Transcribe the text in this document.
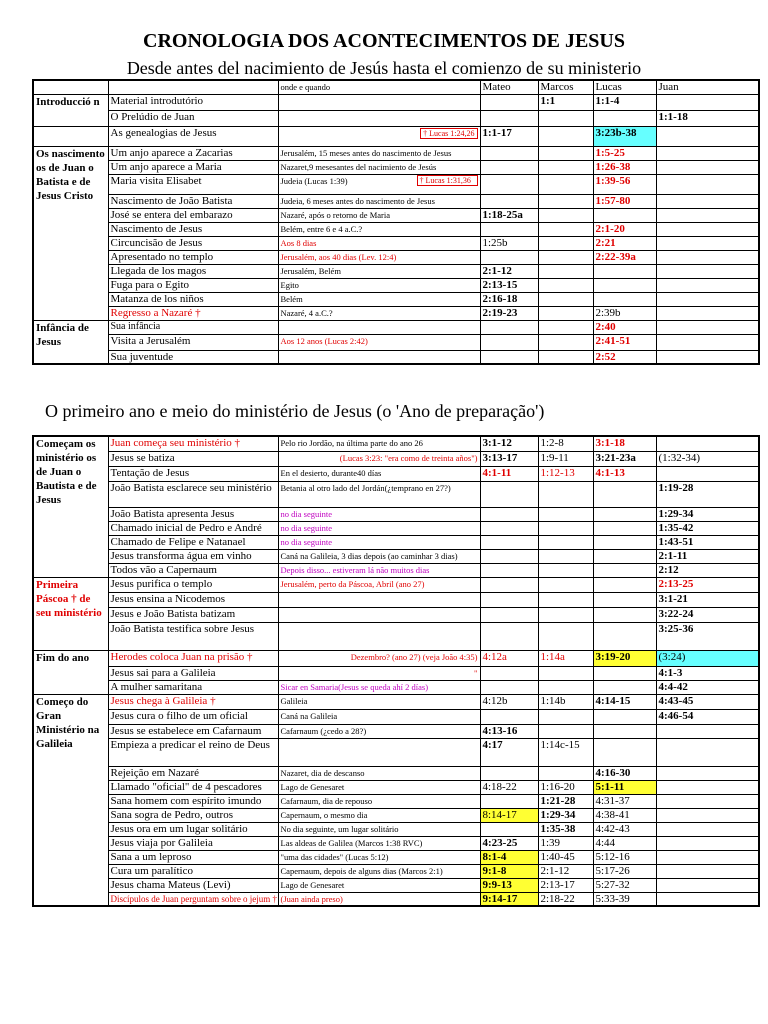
CRONOLOGIA DOS ACONTECIMENTOS DE JESUS
Desde antes del nacimiento de Jesús hasta el comienzo de su ministerio
		onde e quando	Mateo	Marcos	Lucas	Juan
Introducció n	Material introdutório			1:1	1:1-4	
	O Prelúdio de Juan					1:1-18
	As genealogias de Jesus	† Lucas 1:24,26	1:1-17		3:23b-38	
Os nascimento os de Juan o Batista e de Jesus Cristo	Um anjo aparece a Zacarias	Jerusalém, 15 meses antes do nascimento de Jesus			1:5-25	
	Um anjo aparece a Maria	Nazaret,9 mesesantes del nacimiento de Jesús			1:26-38	
	Maria visita Elisabet	Judeia (Lucas 1:39) † Lucas 1:31,36			1:39-56	
	Nascimento de João Batista	Judeia, 6 meses antes do nascimento de Jesus			1:57-80	
	José se entera del embarazo	Nazaré, após o retorno de Maria	1:18-25a			
	Nascimento de Jesus	Belém, entre 6 e 4 a.C.?			2:1-20	
	Circuncisão de Jesus	Aos 8 dias	1:25b		2:21	
	Apresentado no templo	Jerusalém, aos 40 dias (Lev. 12:4)			2:22-39a	
	Llegada de los magos	Jerusalém, Belém	2:1-12			
	Fuga para o Egito	Egito	2:13-15			
	Matanza de los niños	Belém	2:16-18			
	Regresso a Nazaré †	Nazaré, 4 a.C.?	2:19-23		2:39b	
Infância de Jesus	Sua infância				2:40	
	Visita a Jerusalém	Aos 12 anos (Lucas 2:42)			2:41-51	
	Sua juventude				2:52	
O primeiro ano e meio do ministério de Jesus (o 'Ano de preparação')
Começam os ministério os de Juan o Bautista e de Jesus	Juan começa seu ministério †	Pelo rio Jordão, na última parte do ano 26	3:1-12	1:2-8	3:1-18	
	Jesus se batiza	(Lucas 3:23: "era como de treinta años")	3:13-17	1:9-11	3:21-23a	(1:32-34)
	Tentação de Jesus	En el desierto, durante40 días	4:1-11	1:12-13	4:1-13	
	João Batista esclarece seu ministério	Betania al otro lado del Jordán(¿temprano en 27?)				1:19-28
	João Batista apresenta Jesus	no dia seguinte				1:29-34
	Chamado inicial de Pedro e André	no dia seguinte				1:35-42
	Chamado de Felipe e Natanael	no dia seguinte				1:43-51
	Jesus transforma água em vinho	Caná na Galileia, 3 dias depois (ao caminhar 3 dias)				2:1-11
	Todos vão a Capernaum	Depois disso... estiveram lá não muitos dias				2:12
Primeira Páscoa † de seu ministério	Jesus purifica o templo	Jerusalém, perto da Páscoa, Abril (ano 27)				2:13-25
	Jesus ensina a Nicodemos					3:1-21
	Jesus e João Batista batizam					3:22-24
	João Batista testifica sobre Jesus					3:25-36
Fim do ano	Herodes coloca Juan na prisão †	Dezembro? (ano 27) (veja João 4:35)	4:12a	1:14a	3:19-20	(3:24)
	Jesus sai para a Galileia	"				4:1-3
	A mulher samaritana	Sicar en Samaria(Jesus se queda ahí 2 días)				4:4-42
Começo do Gran Ministério na Galileia	Jesus chega à Galileia †	Galileia	4:12b	1:14b	4:14-15	4:43-45
	Jesus cura o filho de um oficial	Caná na Galileia				4:46-54
	Jesus se estabelece em Cafarnaum	Cafarnaum (¿cedo a 28?)	4:13-16			
	Empieza a predicar el reino de Deus		4:17	1:14c-15		
	Rejeição em Nazaré	Nazaret, dia de descanso			4:16-30	
	Llamado "oficial" de 4 pescadores	Lago de Genesaret	4:18-22	1:16-20	5:1-11	
	Sana homem com espírito imundo	Cafarnaum, dia de repouso		1:21-28	4:31-37	
	Sana sogra de Pedro, outros	Capernaum, o mesmo dia	8:14-17	1:29-34	4:38-41	
	Jesus ora em um lugar solitário	No dia seguinte, um lugar solitário		1:35-38	4:42-43	
	Jesus viaja por Galileia	Las aldeas de Galilea (Marcos 1:38 RVC)	4:23-25	1:39	4:44	
	Sana a um leproso	"uma das cidades" (Lucas 5:12)	8:1-4	1:40-45	5:12-16	
	Cura um paralítico	Capernaum, depois de alguns dias (Marcos 2:1)	9:1-8	2:1-12	5:17-26	
	Jesus chama Mateus (Levi)	Lago de Genesaret	9:9-13	2:13-17	5:27-32	
	Discípulos de Juan perguntam sobre o jejum †	(Juan ainda preso)	9:14-17	2:18-22	5:33-39	
